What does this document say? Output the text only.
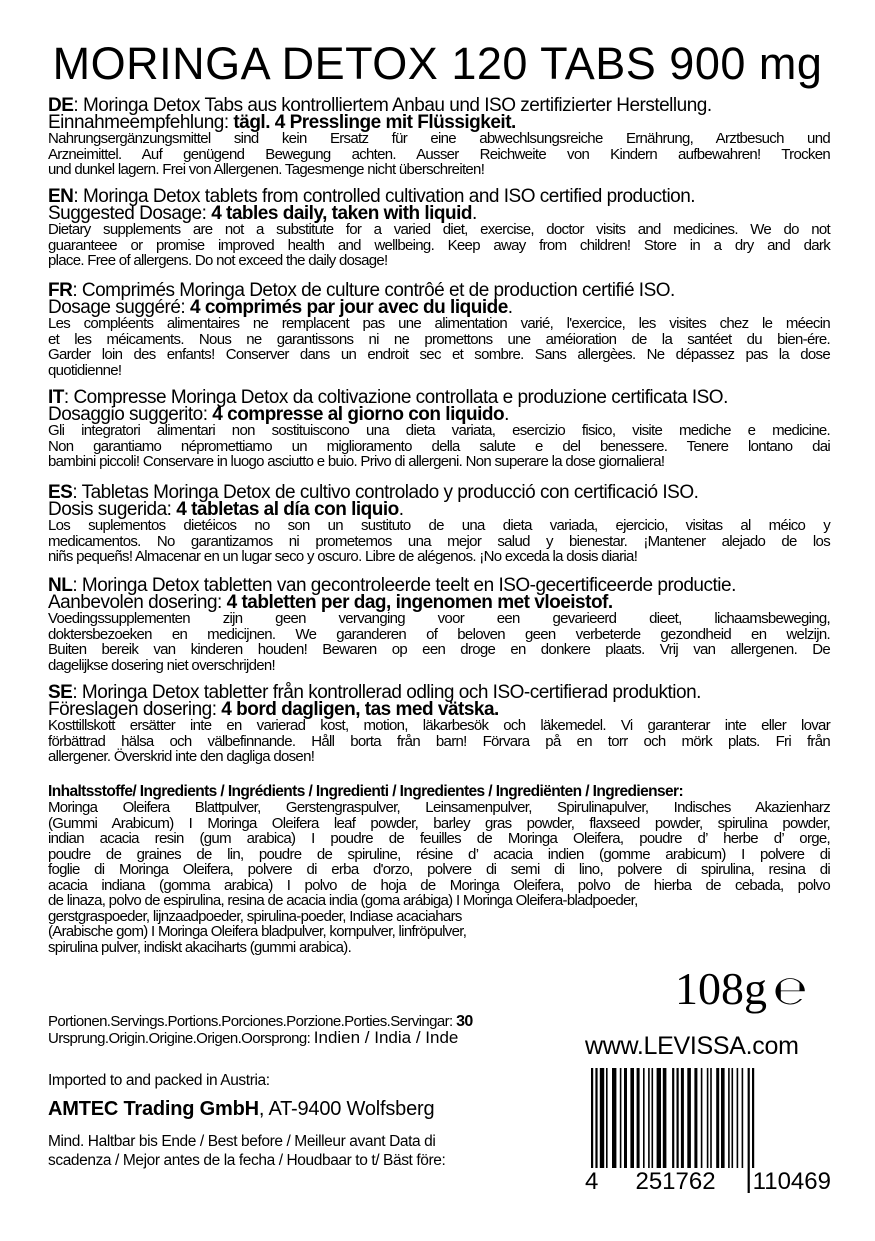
MORINGA DETOX 120 TABS 900 mg
DE: Moringa Detox Tabs aus kontrolliertem Anbau und ISO zertifizierter Herstellung.
Einnahmeempfehlung: tägl. 4 Presslinge mit Flüssigkeit.
Nahrungsergänzungsmittel sind kein Ersatz für eine abwechlsungsreiche Ernährung, Arztbesuch und
Arzneimittel. Auf genügend Bewegung achten. Ausser Reichweite von Kindern aufbewahren! Trocken
und dunkel lagern. Frei von Allergenen. Tagesmenge nicht überschreiten!
EN: Moringa Detox tablets from controlled cultivation and ISO certified production.
Suggested Dosage: 4 tables daily, taken with liquid.
Dietary supplements are not a substitute for a varied diet, exercise, doctor visits and medicines. We do not
guaranteee or promise improved health and wellbeing. Keep away from children! Store in a dry and dark
place. Free of allergens. Do not exceed the daily dosage!
FR: Comprimés Moringa Detox de culture contrôé et de production certifié ISO.
Dosage suggéré: 4 comprimés par jour avec du liquide.
Les compléents alimentaires ne remplacent pas une alimentation varié, l'exercice, les visites chez le méecin
et les méicaments. Nous ne garantissons ni ne promettons une améioration de la santéet du bien-ére.
Garder loin des enfants! Conserver dans un endroit sec et sombre. Sans allergèes. Ne dépassez pas la dose
quotidienne!
IT: Compresse Moringa Detox da coltivazione controllata e produzione certificata ISO.
Dosaggio suggerito: 4 compresse al giorno con liquido.
Gli integratori alimentari non sostituiscono una dieta variata, esercizio fisico, visite mediche e medicine.
Non garantiamo népromettiamo un miglioramento della salute e del benessere. Tenere lontano dai
bambini piccoli! Conservare in luogo asciutto e buio. Privo di allergeni. Non superare la dose giornaliera!
ES: Tabletas Moringa Detox de cultivo controlado y producció con certificació ISO.
Dosis sugerida: 4 tabletas al día con liquio.
Los suplementos dietéicos no son un sustituto de una dieta variada, ejercicio, visitas al méico y
medicamentos. No garantizamos ni prometemos una mejor salud y bienestar. ¡Mantener alejado de los
niñs pequeñs! Almacenar en un lugar seco y oscuro. Libre de alégenos. ¡No exceda la dosis diaria!
NL: Moringa Detox tabletten van gecontroleerde teelt en ISO-gecertificeerde productie.
Aanbevolen dosering: 4 tabletten per dag, ingenomen met vloeistof.
Voedingssupplementen zijn geen vervanging voor een gevarieerd dieet, lichaamsbeweging,
doktersbezoeken en medicijnen. We garanderen of beloven geen verbeterde gezondheid en welzijn.
Buiten bereik van kinderen houden! Bewaren op een droge en donkere plaats. Vrij van allergenen. De
dagelijkse dosering niet overschrijden!
SE: Moringa Detox tabletter från kontrollerad odling och ISO-certifierad produktion.
Föreslagen dosering: 4 bord dagligen, tas med vätska.
Kosttillskott ersätter inte en varierad kost, motion, läkarbesök och läkemedel. Vi garanterar inte eller lovar
förbättrad hälsa och välbefinnande. Håll borta från barn! Förvara på en torr och mörk plats. Fri från
allergener. Överskrid inte den dagliga dosen!
Inhaltsstoffe/ Ingredients / Ingrédients / Ingredienti / Ingredientes / Ingrediënten / Ingredienser:
Moringa Oleifera Blattpulver, Gerstengraspulver, Leinsamenpulver, Spirulinapulver, Indisches Akazienharz
(Gummi Arabicum) I Moringa Oleifera leaf powder, barley gras powder, flaxseed powder, spirulina powder,
indian acacia resin (gum arabica) I poudre de feuilles de Moringa Oleifera, poudre d’ herbe d’ orge,
poudre de graines de lin, poudre de spiruline, résine d’ acacia indien (gomme arabicum) I polvere di
foglie di Moringa Oleifera, polvere di erba d'orzo, polvere di semi di lino, polvere di spirulina, resina di
acacia indiana (gomma arabica) I polvo de hoja de Moringa Oleifera, polvo de hierba de cebada, polvo
de linaza, polvo de espirulina, resina de acacia india (goma arábiga) I Moringa Oleifera-bladpoeder,
gerstgraspoeder, lijnzaadpoeder, spirulina-poeder, Indiase acaciahars
(Arabische gom) I Moringa Oleifera bladpulver, kornpulver, linfröpulver,
spirulina pulver, indiskt akaciharts (gummi arabica).
Portionen.Servings.Portions.Porciones.Porzione.Porties.Servingar: 30
Ursprung.Origin.Origine.Origen.Oorsprong: Indien / India / Inde
108g ℮
www.LEVISSA.com
4 251762 110469
Imported to and packed in Austria:
AMTEC Trading GmbH, AT-9400 Wolfsberg
Mind. Haltbar bis Ende / Best before / Meilleur avant Data di
scadenza / Mejor antes de la fecha / Houdbaar to t/ Bäst före:
